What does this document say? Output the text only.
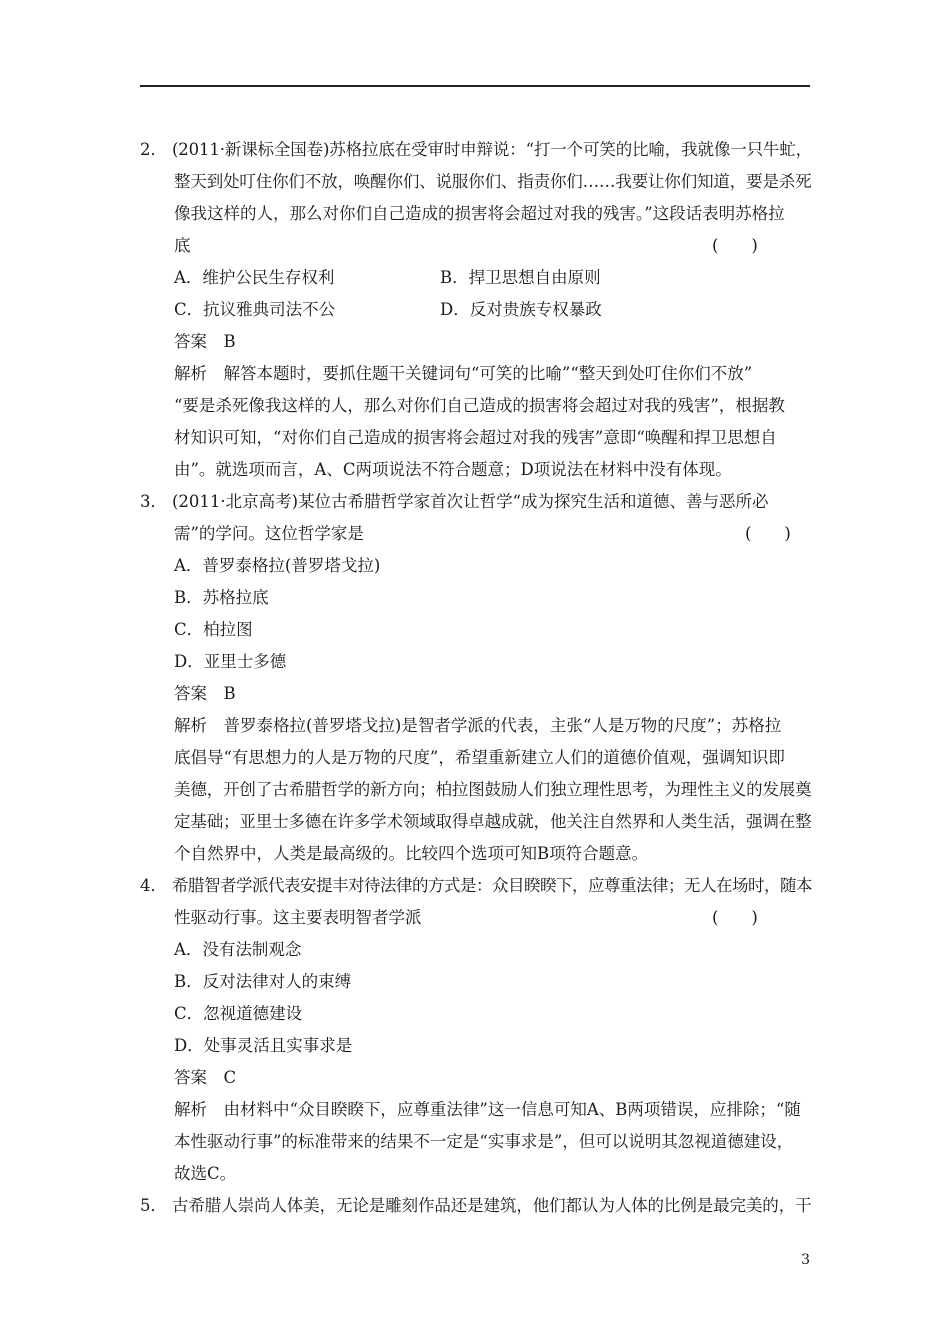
2． (2011·新课标全国卷)苏格拉底在受审时申辩说：“打一个可笑的比喻，我就像一只牛虻，
整天到处叮住你们不放，唤醒你们、说服你们、指责你们……我要让你们知道，要是杀死
像我这样的人，那么对你们自己造成的损害将会超过对我的残害。”这段话表明苏格拉
底	(　　)
A．维护公民生存权利	B．捍卫思想自由原则
C．抗议雅典司法不公	D．反对贵族专权暴政
答案　B
解析　解答本题时，要抓住题干关键词句“可笑的比喻”“整天到处叮住你们不放”
“要是杀死像我这样的人，那么对你们自己造成的损害将会超过对我的残害”，根据教
材知识可知，“对你们自己造成的损害将会超过对我的残害”意即“唤醒和捍卫思想自
由”。就选项而言，A、C两项说法不符合题意；D项说法在材料中没有体现。
3． (2011·北京高考)某位古希腊哲学家首次让哲学“成为探究生活和道德、善与恶所必
需”的学问。这位哲学家是	(　　)
A．普罗泰格拉(普罗塔戈拉)
B．苏格拉底
C．柏拉图
D．亚里士多德
答案　B
解析　普罗泰格拉(普罗塔戈拉)是智者学派的代表，主张“人是万物的尺度”；苏格拉
底倡导“有思想力的人是万物的尺度”，希望重新建立人们的道德价值观，强调知识即
美德，开创了古希腊哲学的新方向；柏拉图鼓励人们独立理性思考，为理性主义的发展奠
定基础；亚里士多德在许多学术领域取得卓越成就，他关注自然界和人类生活，强调在整
个自然界中，人类是最高级的。比较四个选项可知B项符合题意。
4． 希腊智者学派代表安提丰对待法律的方式是：众目睽睽下，应尊重法律；无人在场时，随本
性驱动行事。这主要表明智者学派	(　　)
A．没有法制观念
B．反对法律对人的束缚
C．忽视道德建设
D．处事灵活且实事求是
答案　C
解析　由材料中“众目睽睽下，应尊重法律”这一信息可知A、B两项错误，应排除；“随
本性驱动行事”的标准带来的结果不一定是“实事求是”，但可以说明其忽视道德建设，
故选C。
5． 古希腊人崇尚人体美，无论是雕刻作品还是建筑，他们都认为人体的比例是最完美的，干
3
